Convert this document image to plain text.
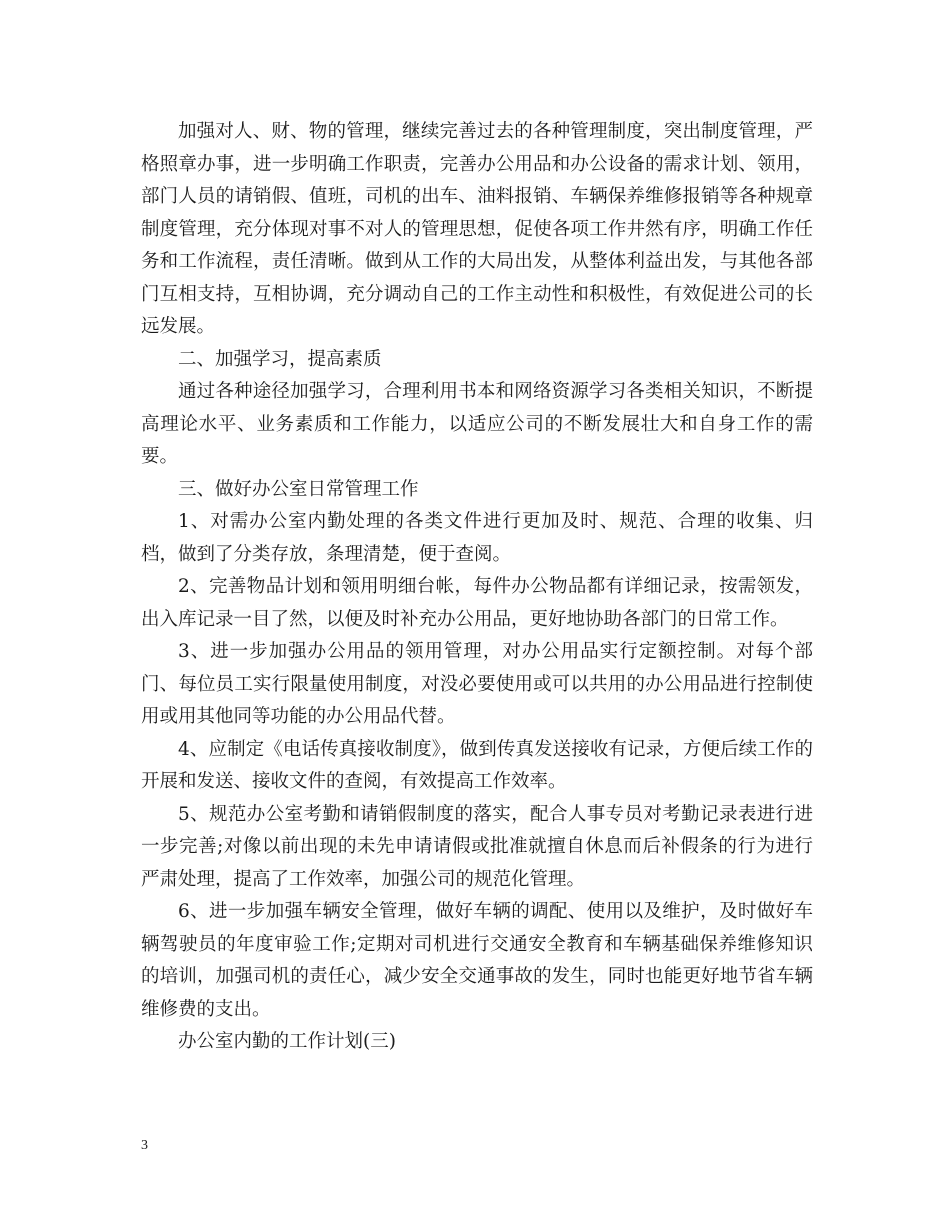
加强对人、财、物的管理，继续完善过去的各种管理制度，突出制度管理，严格照章办事，进一步明确工作职责，完善办公用品和办公设备的需求计划、领用，部门人员的请销假、值班，司机的出车、油料报销、车辆保养维修报销等各种规章制度管理，充分体现对事不对人的管理思想，促使各项工作井然有序，明确工作任务和工作流程，责任清晰。做到从工作的大局出发，从整体利益出发，与其他各部门互相支持，互相协调，充分调动自己的工作主动性和积极性，有效促进公司的长远发展。

二、加强学习，提高素质

通过各种途径加强学习，合理利用书本和网络资源学习各类相关知识，不断提高理论水平、业务素质和工作能力，以适应公司的不断发展壮大和自身工作的需要。

三、做好办公室日常管理工作

1、对需办公室内勤处理的各类文件进行更加及时、规范、合理的收集、归档，做到了分类存放，条理清楚，便于查阅。

2、完善物品计划和领用明细台帐，每件办公物品都有详细记录，按需领发，出入库记录一目了然，以便及时补充办公用品，更好地协助各部门的日常工作。

3、进一步加强办公用品的领用管理，对办公用品实行定额控制。对每个部门、每位员工实行限量使用制度，对没必要使用或可以共用的办公用品进行控制使用或用其他同等功能的办公用品代替。

4、应制定《电话传真接收制度》，做到传真发送接收有记录，方便后续工作的开展和发送、接收文件的查阅，有效提高工作效率。

5、规范办公室考勤和请销假制度的落实，配合人事专员对考勤记录表进行进一步完善;对像以前出现的未先申请请假或批准就擅自休息而后补假条的行为进行严肃处理，提高了工作效率，加强公司的规范化管理。

6、进一步加强车辆安全管理，做好车辆的调配、使用以及维护，及时做好车辆驾驶员的年度审验工作;定期对司机进行交通安全教育和车辆基础保养维修知识的培训，加强司机的责任心，减少安全交通事故的发生，同时也能更好地节省车辆维修费的支出。

办公室内勤的工作计划(三)

3
